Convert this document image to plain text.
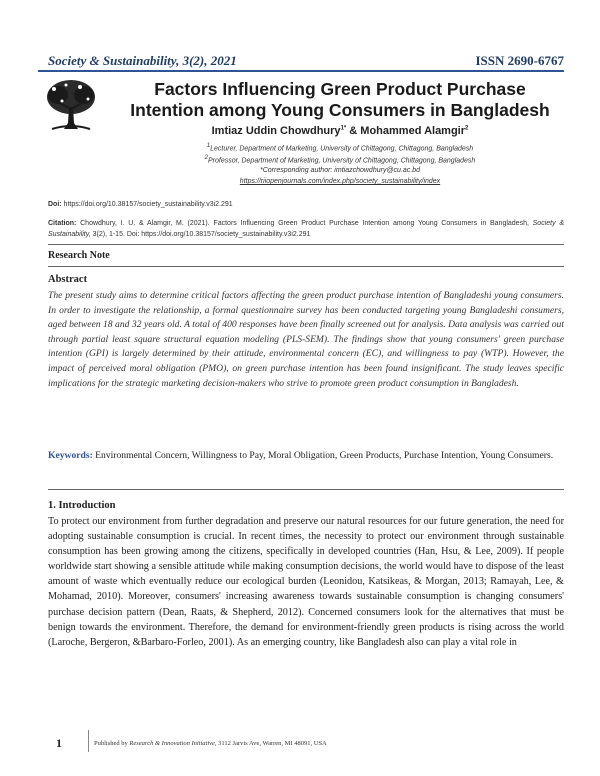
Society & Sustainability, 3(2), 2021	ISSN 2690-6767
Factors Influencing Green Product Purchase
Intention among Young Consumers in Bangladesh
Imtiaz Uddin Chowdhury$^{1*}$ & Mohammed Alamgir$^2$
$^1$Lecturer, Department of Marketing, University of Chittagong, Chittagong, Bangladesh
$^2$Professor, Department of Marketing, University of Chittagong, Chittagong, Bangladesh
*Corresponding author: imtiazchowdhury@cu.ac.bd
https://riiopenjournals.com/index.php/society_sustainability/index
Doi: https://doi.org/10.38157/society_sustainability.v3i2.291
Citation: Chowdhury, I. U. & Alamgir, M. (2021). Factors Influencing Green Product Purchase Intention among Young Consumers in Bangladesh, Society & Sustainability, 3(2), 1-15. Doi: https://doi.org/10.38157/society_sustainability.v3i2.291
Research Note
Abstract
The present study aims to determine critical factors affecting the green product purchase intention of Bangladeshi young consumers. In order to investigate the relationship, a formal questionnaire survey has been conducted targeting young Bangladeshi consumers, aged between 18 and 32 years old. A total of 400 responses have been finally screened out for analysis. Data analysis was carried out through partial least square structural equation modeling (PLS-SEM). The findings show that young consumers' green purchase intention (GPI) is largely determined by their attitude, environmental concern (EC), and willingness to pay (WTP). However, the impact of perceived moral obligation (PMO), on green purchase intention has been found insignificant. The study leaves specific implications for the strategic marketing decision-makers who strive to promote green product consumption in Bangladesh.
Keywords: Environmental Concern, Willingness to Pay, Moral Obligation, Green Products, Purchase Intention, Young Consumers.
1. Introduction
To protect our environment from further degradation and preserve our natural resources for our future generation, the need for adopting sustainable consumption is crucial. In recent times, the necessity to protect our environment through sustainable consumption has been growing among the citizens, specifically in developed countries (Han, Hsu, & Lee, 2009). If people worldwide start showing a sensible attitude while making consumption decisions, the world would have to dispose of the least amount of waste which eventually reduce our ecological burden (Leonidou, Katsikeas, & Morgan, 2013; Ramayah, Lee, & Mohamad, 2010). Moreover, consumers' increasing awareness towards sustainable consumption is changing consumers' purchase decision pattern (Dean, Raats, & Shepherd, 2012). Concerned consumers look for the alternatives that must be benign towards the environment. Therefore, the demand for environment-friendly green products is rising across the world (Laroche, Bergeron, &Barbaro-Forleo, 2001). As an emerging country, like Bangladesh also can play a vital role in
1	Published by Research & Innovation Initiative, 3112 Jarvis Ave, Warren, MI 48091, USA
